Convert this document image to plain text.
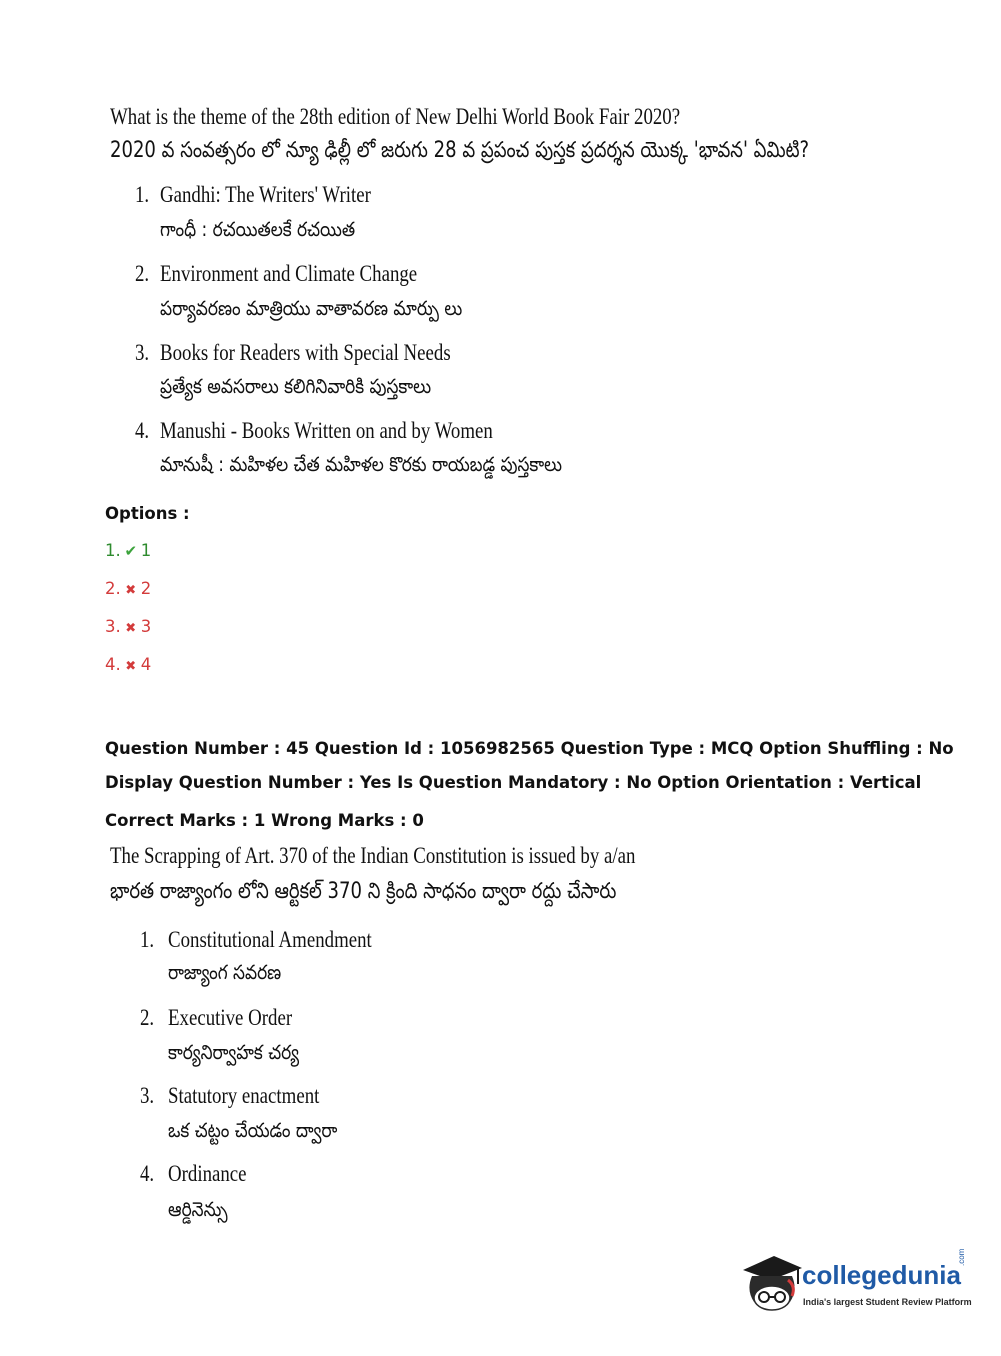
What is the theme of the 28th edition of New Delhi World Book Fair 2020?
2020 వ సంవత్సరం లో న్యూ ఢిల్లీ లో జరుగు 28 వ ప్రపంచ పుస్తక ప్రదర్శన యొక్క 'భావన' ఏమిటి?
1. Gandhi: The Writers' Writer
గాంధీ : రచయితలకే రచయిత
2. Environment and Climate Change
పర్యావరణం మాత్రియు వాతావరణ మార్పు లు
3. Books for Readers with Special Needs
ప్రత్యేక అవసరాలు కలిగినివారికి పుస్తకాలు
4. Manushi - Books Written on and by Women
మానుషీ : మహిళల చేత మహిళల కొరకు రాయబడ్డ పుస్తకాలు
Options :
1. ✔ 1
2. ✖ 2
3. ✖ 3
4. ✖ 4
Question Number : 45 Question Id : 1056982565 Question Type : MCQ Option Shuffling : No
Display Question Number : Yes Is Question Mandatory : No Option Orientation : Vertical
Correct Marks : 1 Wrong Marks : 0
The Scrapping of Art. 370 of the Indian Constitution is issued by a/an
భారత రాజ్యాంగం లోని ఆర్టికల్ 370 ని క్రింది సాధనం ద్వారా రద్దు చేసారు
1. Constitutional Amendment
రాజ్యాంగ సవరణ
2. Executive Order
కార్యనిర్వాహక చర్య
3. Statutory enactment
ఒక చట్టం చేయడం ద్వారా
4. Ordinance
ఆర్డినెన్సు
collegedunia
.com
India's largest Student Review Platform
